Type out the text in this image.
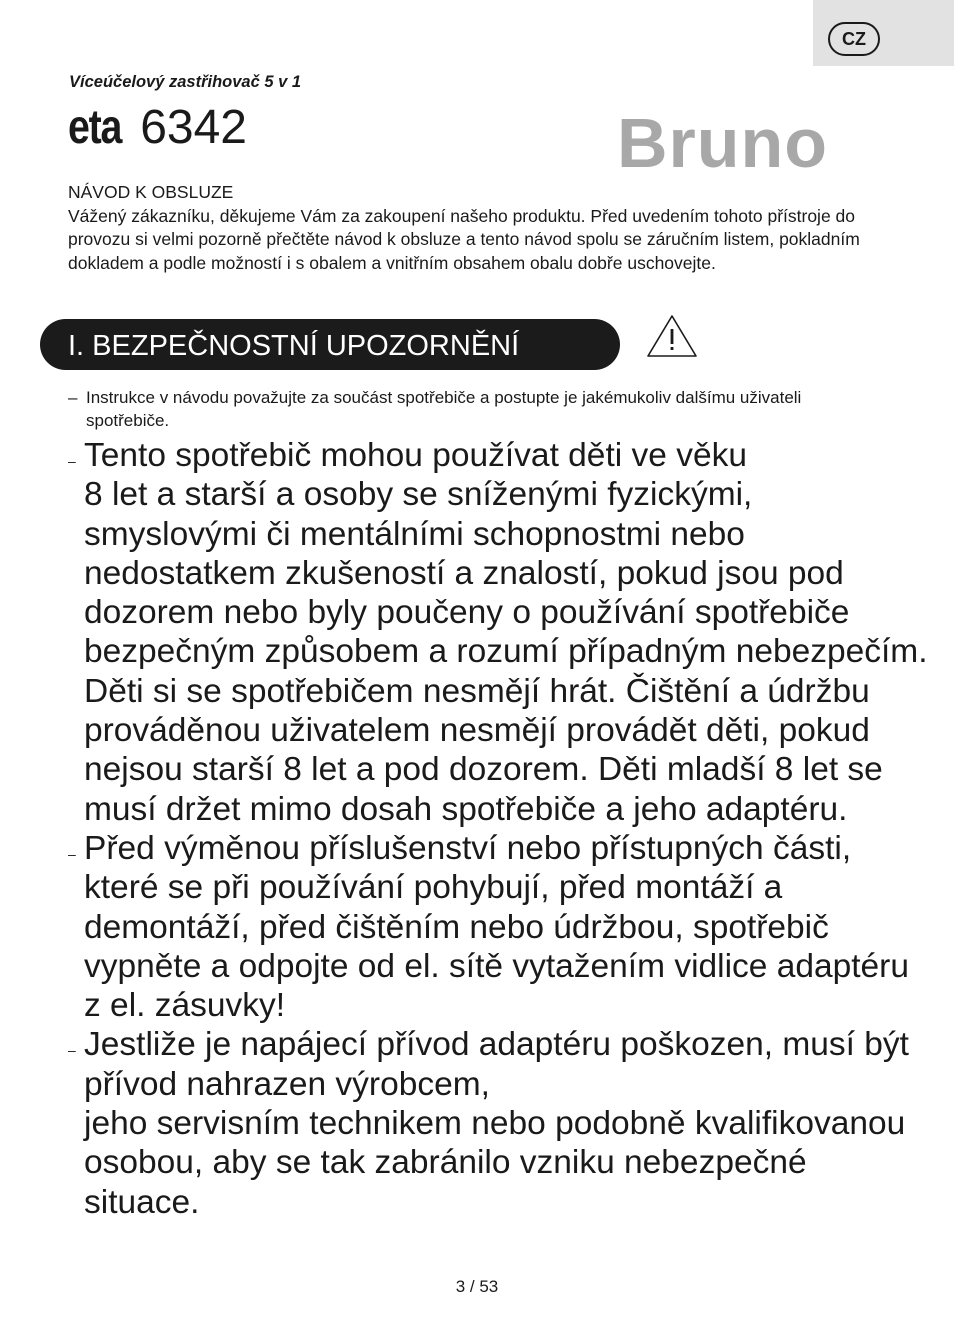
CZ
Víceúčelový zastřihovač 5 v 1
eta 6342	Bruno

NÁVOD K OBSLUZE

Vážený zákazníku, děkujeme Vám za zakoupení našeho produktu. Před uvedením tohoto přístroje do provozu si velmi pozorně přečtěte návod k obsluze a tento návod spolu se záručním listem, pokladním dokladem a podle možností i s obalem a vnitřním obsahem obalu dobře uschovejte.

I. BEZPEČNOSTNÍ UPOZORNĚNÍ
– Instrukce v návodu považujte za součást spotřebiče a postupte je jakémukoliv dalšímu uživateli spotřebiče.
– Tento spotřebič mohou používat děti ve věku
8 let a starší a osoby se sníženými fyzickými, smyslovými či mentálními schopnostmi nebo nedostatkem zkušeností a znalostí, pokud jsou pod dozorem nebo byly poučeny o používání spotřebiče bezpečným způsobem a rozumí případným nebezpečím. Děti si se spotřebičem nesmějí hrát. Čištění a údržbu prováděnou uživatelem nesmějí provádět děti, pokud nejsou starší 8 let a pod dozorem. Děti mladší 8 let se musí držet mimo dosah spotřebiče a jeho adaptéru.
– Před výměnou příslušenství nebo přístupných části, které se při používání pohybují, před montáží a demontáží, před čištěním nebo údržbou, spotřebič vypněte a odpojte od el. sítě vytažením vidlice adaptéru z el. zásuvky!
– Jestliže je napájecí přívod adaptéru poškozen, musí být přívod nahrazen výrobcem,
jeho servisním technikem nebo podobně kvalifikovanou osobou, aby se tak zabránilo vzniku nebezpečné situace.
3 / 53
